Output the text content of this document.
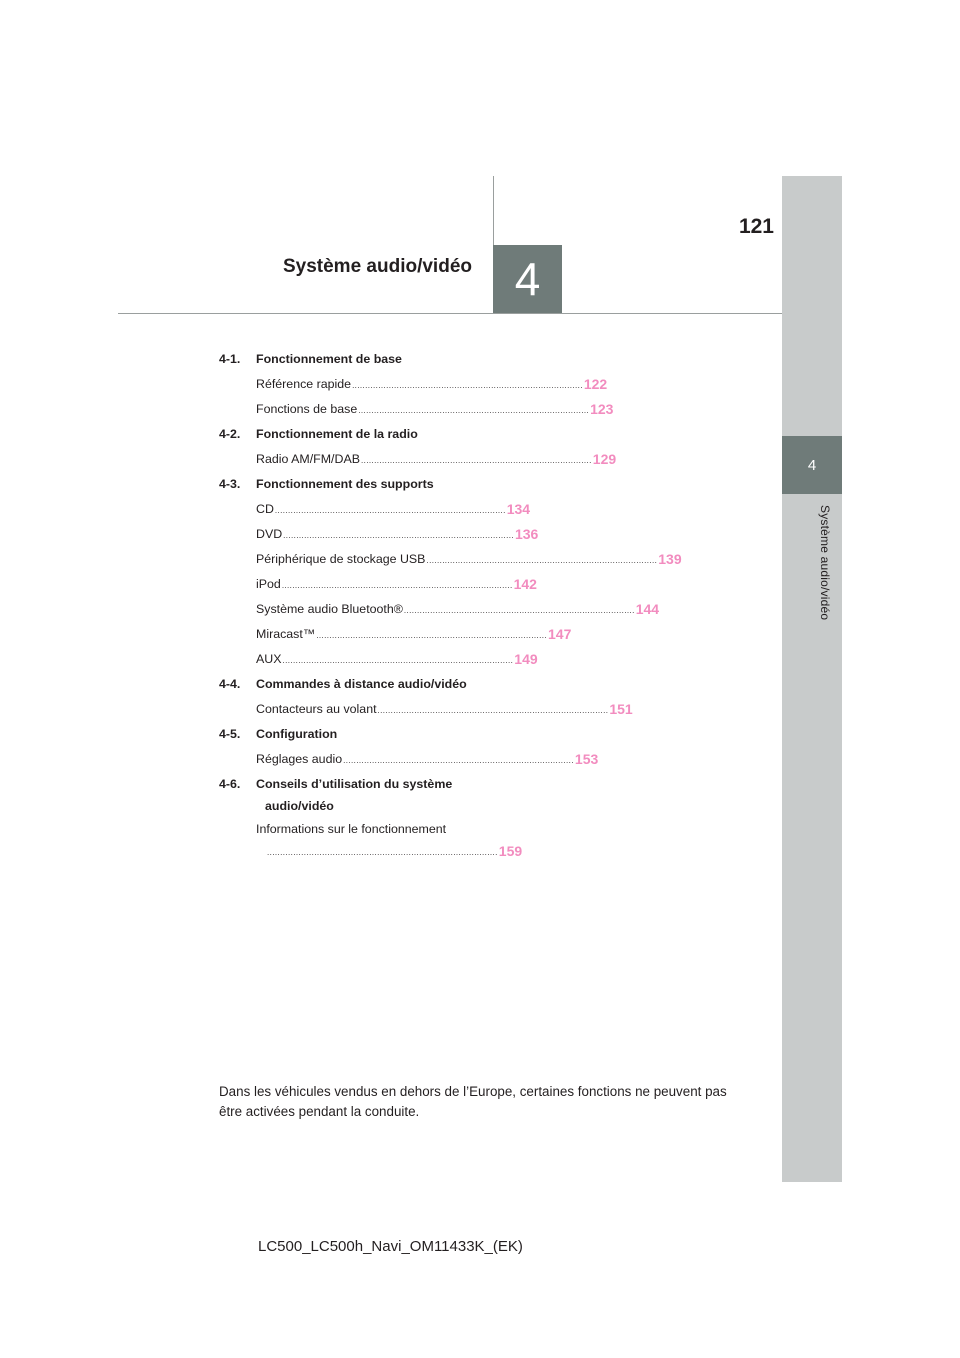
4
Système audio/vidéo
121
4
Système audio/vidéo
4-1.	Fonctionnement de base
Référence rapide ........................................................................................ 122
Fonctions de base ........................................................................................ 123
4-2.	Fonctionnement de la radio
Radio AM/FM/DAB ........................................................................................ 129
4-3.	Fonctionnement des supports
CD ........................................................................................ 134
DVD ........................................................................................ 136
Périphérique de stockage USB ........................................................................................ 139
iPod ........................................................................................ 142
Système audio Bluetooth® ........................................................................................ 144
Miracast™ ........................................................................................ 147
AUX ........................................................................................ 149
4-4.	Commandes à distance audio/vidéo
Contacteurs au volant ........................................................................................ 151
4-5.	Configuration
Réglages audio ........................................................................................ 153
4-6.	Conseils d’utilisation du système
audio/vidéo
Informations sur le fonctionnement
........................................................................................ 159
Dans les véhicules vendus en dehors de l’Europe, certaines fonctions ne peuvent pas être activées pendant la conduite.
LC500_LC500h_Navi_OM11433K_(EK)
